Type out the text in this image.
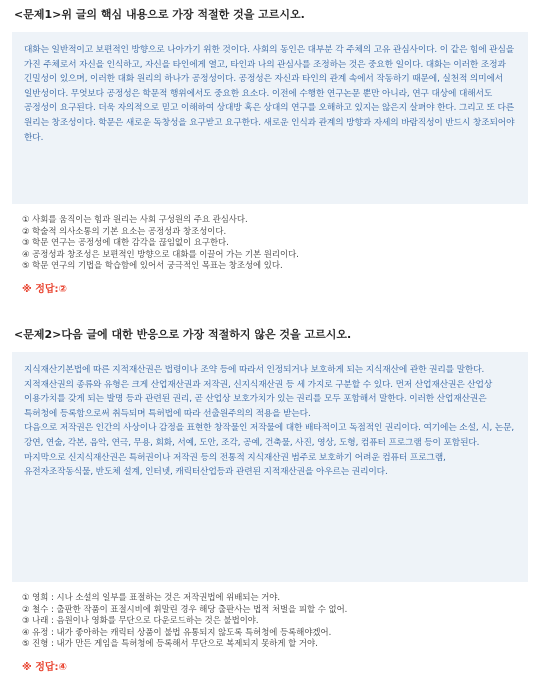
<문제1>위 글의 핵심 내용으로 가장 적절한 것을 고르시오.

대화는 일반적이고 보편적인 방향으로 나아가기 위한 것이다. 사회의 동인은 대부분 각 주체의 고유 관심사이다. 이 같은 힘에 관심을 가진 주체로서 자신을 인식하고, 자신을 타인에게 열고, 타인과 나의 관심사를 조정하는 것은 중요한 일이다. 대화는 이러한 조정과 긴밀성이 있으며, 이러한 대화 원리의 하나가 공정성이다. 공정성은 자신과 타인의 관계 속에서 작동하기 때문에, 실천적 의미에서 일반성이다. 무엇보다 공정성은 학문적 행위에서도 중요한 요소다. 이전에 수행한 연구논문 뿐만 아니라, 연구 대상에 대해서도 공정성이 요구된다. 더욱 자의적으로 믿고 이해하여 상대방 혹은 상대의 연구를 오해하고 있지는 않은지 살펴야 한다. 그리고 또 다른 원리는 창조성이다. 학문은 새로운 독창성을 요구받고 요구한다. 새로운 인식과 관계의 방향과 자세의 바람직성이 반드시 창조되어야 한다.

① 사회를 움직이는 힘과 원리는 사회 구성원의 주요 관심사다.
② 학술적 의사소통의 기본 요소는 공정성과 창조성이다.
③ 학문 연구는 공정성에 대한 감각을 끊임없이 요구한다.
④ 공정성과 창조성은 보편적인 방향으로 대화를 이끌어 가는 기본 원리이다.
⑤ 학문 연구의 기법을 학습함에 있어서 궁극적인 목표는 창조성에 있다.
※ 정답:②
<문제2>다음 글에 대한 반응으로 가장 적절하지 않은 것을 고르시오.

지식재산기본법에 따른 지적재산권은 법령이나 조약 등에 따라서 인정되거나 보호하게 되는 지식재산에 관한 권리를 말한다. 지적재산권의 종류와 유형은 크게 산업재산권과 저작권, 신지식재산권 등 세 가지로 구분할 수 있다. 먼저 산업재산권은 산업상 이용가치를 갖게 되는 발명 등과 관련된 권리, 곧 산업상 보호가치가 있는 권리를 모두 포함해서 말한다. 이러한 산업재산권은 특허청에 등록함으로써 취득되며 특허법에 따라 선출원주의의 적용을 받는다.

다음으로 저작권은 인간의 사상이나 감정을 표현한 창작물인 저작물에 대한 배타적이고 독점적인 권리이다. 여기에는 소설, 시, 논문, 강연, 연술, 각본, 음악, 연극, 무용, 회화, 서예, 도안, 조각, 공예, 건축물, 사진, 영상, 도형, 컴퓨터 프로그램 등이 포함된다. 마지막으로 신지식재산권은 특허권이나 저작권 등의 전통적 지식재산권 범주로 보호하기 어려운 컴퓨터 프로그램, 유전자조작동식물, 반도체 설계, 인터넷, 캐릭터산업등과 관련된 지적재산권을 아우르는 권리이다.

① 영희 : 시나 소설의 일부를 표절하는 것은 저작권법에 위배되는 거야.
② 철수 : 출판한 작품이 표절시비에 휘말린 경우 해당 출판사는 법적 처벌을 피할 수 없어.
③ 나래 : 음원이나 영화를 무단으로 다운로드하는 것은 불법이야.
④ 유정 : 내가 좋아하는 캐릭터 상품이 불법 유통되지 않도록 특허청에 등록해야겠어.
⑤ 진형 : 내가 만든 게임을 특허청에 등록해서 무단으로 복제되지 못하게 할 거야.
※ 정답:④
